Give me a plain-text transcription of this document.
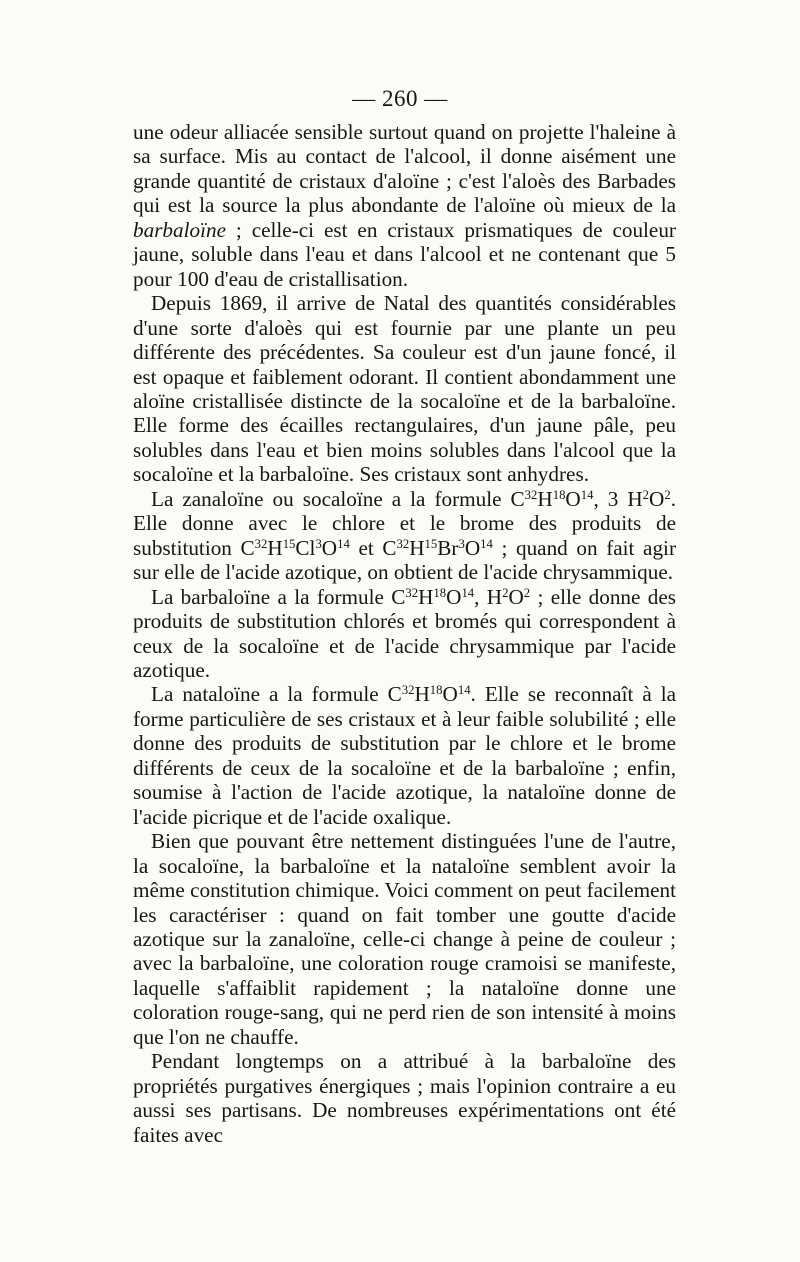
— 260 —

une odeur alliacée sensible surtout quand on projette l'haleine à sa surface. Mis au contact de l'alcool, il donne aisément une grande quantité de cristaux d'aloïne ; c'est l'aloès des Barbades qui est la source la plus abondante de l'aloïne où mieux de la barbaloïne ; celle-ci est en cristaux prismatiques de couleur jaune, soluble dans l'eau et dans l'alcool et ne contenant que 5 pour 100 d'eau de cristallisation.

Depuis 1869, il arrive de Natal des quantités considérables d'une sorte d'aloès qui est fournie par une plante un peu différente des précédentes. Sa couleur est d'un jaune foncé, il est opaque et faiblement odorant. Il contient abondamment une aloïne cristallisée distincte de la socaloïne et de la barbaloïne. Elle forme des écailles rectangulaires, d'un jaune pâle, peu solubles dans l'eau et bien moins solubles dans l'alcool que la socaloïne et la barbaloïne. Ses cristaux sont anhydres.

La zanaloïne ou socaloïne a la formule $C^{32}H^{18}O^{14}$, 3 $H^2O^2$. Elle donne avec le chlore et le brome des produits de substitution $C^{32}H^{15}Cl^3O^{14}$ et $C^{32}H^{15}Br^3O^{14}$ ; quand on fait agir sur elle de l'acide azotique, on obtient de l'acide chrysammique.

La barbaloïne a la formule $C^{32}H^{18}O^{14}$, $H^2O^2$ ; elle donne des produits de substitution chlorés et bromés qui correspondent à ceux de la socaloïne et de l'acide chrysammique par l'acide azotique.

La nataloïne a la formule $C^{32}H^{18}O^{14}$. Elle se reconnaît à la forme particulière de ses cristaux et à leur faible solubilité ; elle donne des produits de substitution par le chlore et le brome différents de ceux de la socaloïne et de la barbaloïne ; enfin, soumise à l'action de l'acide azotique, la nataloïne donne de l'acide picrique et de l'acide oxalique.

Bien que pouvant être nettement distinguées l'une de l'autre, la socaloïne, la barbaloïne et la nataloïne semblent avoir la même constitution chimique. Voici comment on peut facilement les caractériser : quand on fait tomber une goutte d'acide azotique sur la zanaloïne, celle-ci change à peine de couleur ; avec la barbaloïne, une coloration rouge cramoisi se manifeste, laquelle s'affaiblit rapidement ; la nataloïne donne une coloration rouge-sang, qui ne perd rien de son intensité à moins que l'on ne chauffe.

Pendant longtemps on a attribué à la barbaloïne des propriétés purgatives énergiques ; mais l'opinion contraire a eu aussi ses partisans. De nombreuses expérimentations ont été faites avec
